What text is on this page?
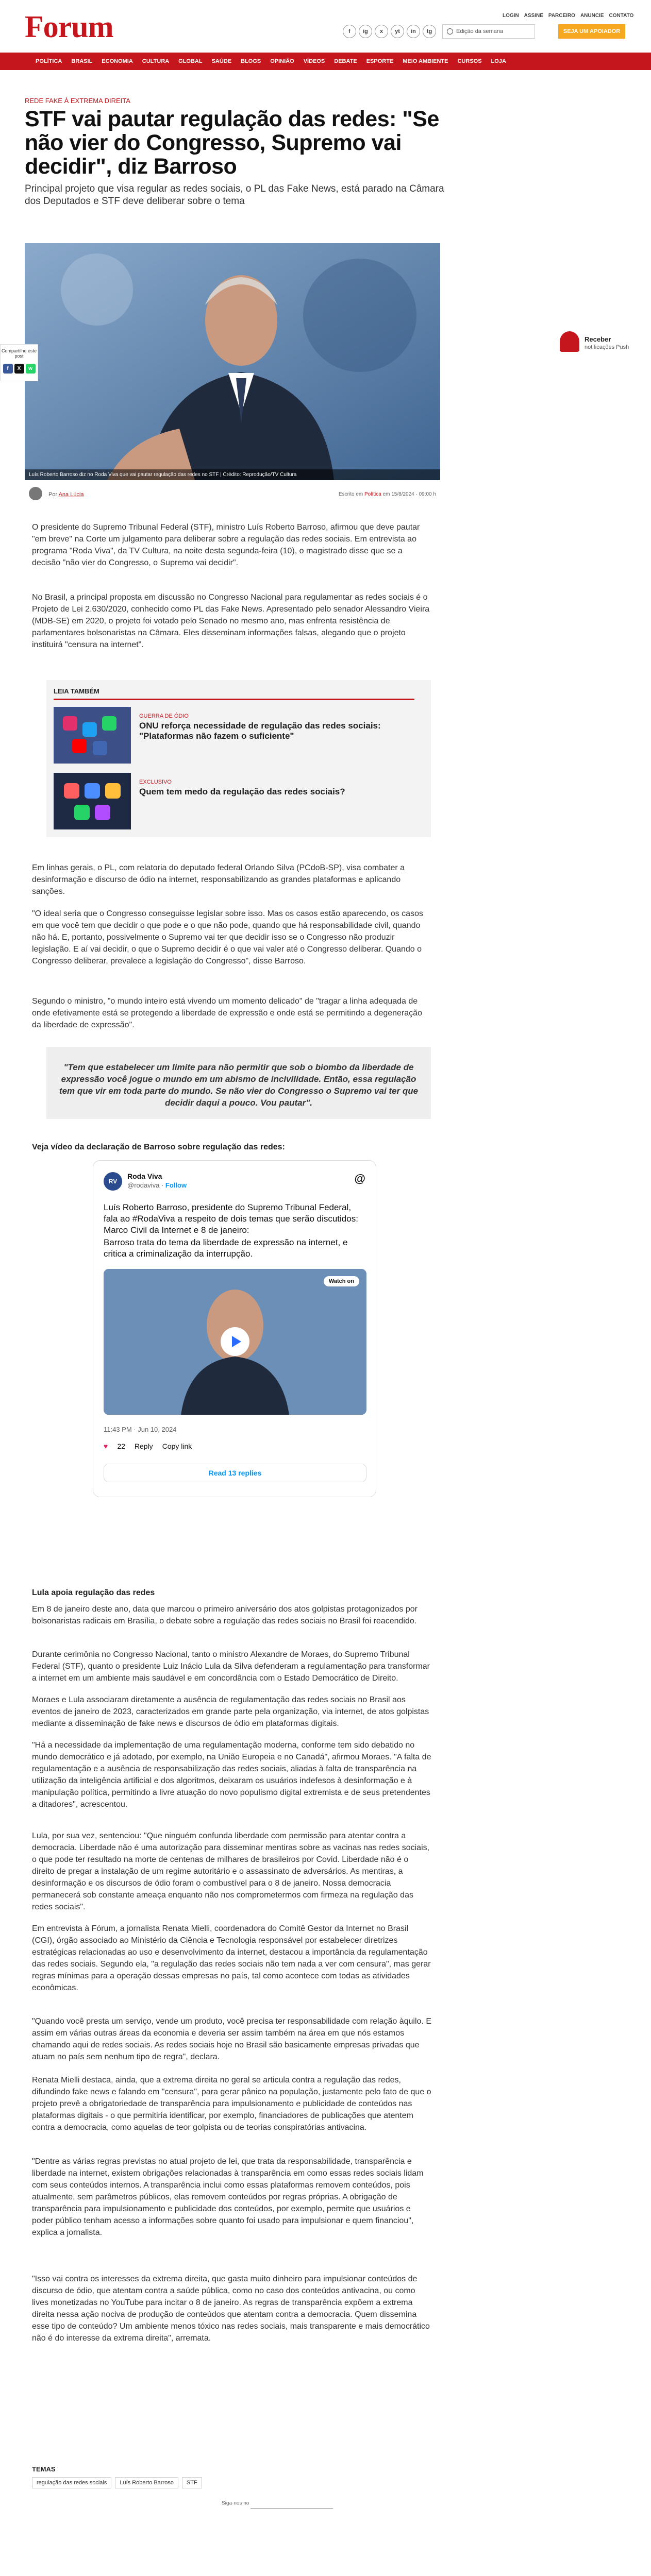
Forum	f	ig	x	yt	in	tg
LOGIN ASSINE PARCEIRO ANUNCIE CONTATO
Edição da semana	SEJA UM APOIADOR
POLÍTICA	BRASIL	ECONOMIA	CULTURA	GLOBAL	SAÚDE	BLOGS	OPINIÃO	VÍDEOS	DEBATE	ESPORTE	MEIO AMBIENTE	CURSOS	LOJA
REDE FAKE À EXTREMA DIREITA
STF vai pautar regulação das redes: "Se não vier do Congresso, Supremo vai decidir", diz Barroso

Principal projeto que visa regular as redes sociais, o PL das Fake News, está parado na Câmara dos Deputados e STF deve deliberar sobre o tema

Luís Roberto Barroso diz no Roda Viva que vai pautar regulação das redes no STF | Crédito: Reprodução/TV Cultura
Compartilhe este post
f	X	w
Receber
notificações Push
Por Ana Lúcia	Escrito em Política em 15/8/2024 · 09:00 h

O presidente do Supremo Tribunal Federal (STF), ministro Luís Roberto Barroso, afirmou que deve pautar "em breve" na Corte um julgamento para deliberar sobre a regulação das redes sociais. Em entrevista ao programa "Roda Viva", da TV Cultura, na noite desta segunda-feira (10), o magistrado disse que se a decisão "não vier do Congresso, o Supremo vai decidir".

No Brasil, a principal proposta em discussão no Congresso Nacional para regulamentar as redes sociais é o Projeto de Lei 2.630/2020, conhecido como PL das Fake News. Apresentado pelo senador Alessandro Vieira (MDB-SE) em 2020, o projeto foi votado pelo Senado no mesmo ano, mas enfrenta resistência de parlamentares bolsonaristas na Câmara. Eles disseminam informações falsas, alegando que o projeto instituirá "censura na internet".

LEIA TAMBÉM
GUERRA DE ÓDIO
ONU reforça necessidade de regulação das redes sociais: "Plataformas não fazem o suficiente"
EXCLUSIVO
Quem tem medo da regulação das redes sociais?

Em linhas gerais, o PL, com relatoria do deputado federal Orlando Silva (PCdoB-SP), visa combater a desinformação e discurso de ódio na internet, responsabilizando as grandes plataformas e aplicando sanções.

"O ideal seria que o Congresso conseguisse legislar sobre isso. Mas os casos estão aparecendo, os casos em que você tem que decidir o que pode e o que não pode, quando que há responsabilidade civil, quando não há. E, portanto, possivelmente o Supremo vai ter que decidir isso se o Congresso não produzir legislação. E aí vai decidir, o que o Supremo decidir é o que vai valer até o Congresso deliberar. Quando o Congresso deliberar, prevalece a legislação do Congresso", disse Barroso.

Segundo o ministro, "o mundo inteiro está vivendo um momento delicado" de "tragar a linha adequada de onde efetivamente está se protegendo a liberdade de expressão e onde está se permitindo a degeneração da liberdade de expressão".

"Tem que estabelecer um limite para não permitir que sob o biombo da liberdade de expressão você jogue o mundo em um abismo de incivilidade. Então, essa regulação tem que vir em toda parte do mundo. Se não vier do Congresso o Supremo vai ter que decidir daqui a pouco. Vou pautar".
Veja vídeo da declaração de Barroso sobre regulação das redes:
RV
Roda Viva
@rodaviva · Follow
@
Luís Roberto Barroso, presidente do Supremo Tribunal Federal, fala ao #RodaViva a respeito de dois temas que serão discutidos: Marco Civil da Internet e 8 de janeiro:
Barroso trata do tema da liberdade de expressão na internet, e critica a criminalização da interrupção.
Watch on
11:43 PM · Jun 10, 2024
♥ 22 Reply Copy link
Read 13 replies
Lula apoia regulação das redes

Em 8 de janeiro deste ano, data que marcou o primeiro aniversário dos atos golpistas protagonizados por bolsonaristas radicais em Brasília, o debate sobre a regulação das redes sociais no Brasil foi reacendido.

Durante cerimônia no Congresso Nacional, tanto o ministro Alexandre de Moraes, do Supremo Tribunal Federal (STF), quanto o presidente Luiz Inácio Lula da Silva defenderam a regulamentação para transformar a internet em um ambiente mais saudável e em concordância com o Estado Democrático de Direito.

Moraes e Lula associaram diretamente a ausência de regulamentação das redes sociais no Brasil aos eventos de janeiro de 2023, caracterizados em grande parte pela organização, via internet, de atos golpistas mediante a disseminação de fake news e discursos de ódio em plataformas digitais.

"Há a necessidade da implementação de uma regulamentação moderna, conforme tem sido debatido no mundo democrático e já adotado, por exemplo, na União Europeia e no Canadá", afirmou Moraes. "A falta de regulamentação e a ausência de responsabilização das redes sociais, aliadas à falta de transparência na utilização da inteligência artificial e dos algoritmos, deixaram os usuários indefesos à desinformação e à manipulação política, permitindo a livre atuação do novo populismo digital extremista e de seus pretendentes a ditadores", acrescentou.

Lula, por sua vez, sentenciou: "Que ninguém confunda liberdade com permissão para atentar contra a democracia. Liberdade não é uma autorização para disseminar mentiras sobre as vacinas nas redes sociais, o que pode ter resultado na morte de centenas de milhares de brasileiros por Covid. Liberdade não é o direito de pregar a instalação de um regime autoritário e o assassinato de adversários. As mentiras, a desinformação e os discursos de ódio foram o combustível para o 8 de janeiro. Nossa democracia permanecerá sob constante ameaça enquanto não nos comprometermos com firmeza na regulação das redes sociais".

Em entrevista à Fórum, a jornalista Renata Mielli, coordenadora do Comitê Gestor da Internet no Brasil (CGI), órgão associado ao Ministério da Ciência e Tecnologia responsável por estabelecer diretrizes estratégicas relacionadas ao uso e desenvolvimento da internet, destacou a importância da regulamentação das redes sociais. Segundo ela, "a regulação das redes sociais não tem nada a ver com censura", mas gerar regras mínimas para a operação dessas empresas no país, tal como acontece com todas as atividades econômicas.

"Quando você presta um serviço, vende um produto, você precisa ter responsabilidade com relação àquilo. E assim em várias outras áreas da economia e deveria ser assim também na área em que nós estamos chamando aqui de redes sociais. As redes sociais hoje no Brasil são basicamente empresas privadas que atuam no país sem nenhum tipo de regra", declara.

Renata Mielli destaca, ainda, que a extrema direita no geral se articula contra a regulação das redes, difundindo fake news e falando em "censura", para gerar pânico na população, justamente pelo fato de que o projeto prevê a obrigatoriedade de transparência para impulsionamento e publicidade de conteúdos nas plataformas digitais - o que permitiria identificar, por exemplo, financiadores de publicações que atentem contra a democracia, como aquelas de teor golpista ou de teorias conspiratórias antivacina.

"Dentre as várias regras previstas no atual projeto de lei, que trata da responsabilidade, transparência e liberdade na internet, existem obrigações relacionadas à transparência em como essas redes sociais lidam com seus conteúdos internos. A transparência inclui como essas plataformas removem conteúdos, pois atualmente, sem parâmetros públicos, elas removem conteúdos por regras próprias. A obrigação de transparência para impulsionamento e publicidade dos conteúdos, por exemplo, permite que usuários e poder público tenham acesso a informações sobre quanto foi usado para impulsionar e quem financiou", explica a jornalista.

"Isso vai contra os interesses da extrema direita, que gasta muito dinheiro para impulsionar conteúdos de discurso de ódio, que atentam contra a saúde pública, como no caso dos conteúdos antivacina, ou como lives monetizadas no YouTube para incitar o 8 de janeiro. As regras de transparência expõem a extrema direita nessa ação nociva de produção de conteúdos que atentam contra a democracia. Quem dissemina esse tipo de conteúdo? Um ambiente menos tóxico nas redes sociais, mais transparente e mais democrático não é do interesse da extrema direita", arremata.

TEMAS
regulação das redes sociais	Luís Roberto Barroso	STF
Siga-nos no
